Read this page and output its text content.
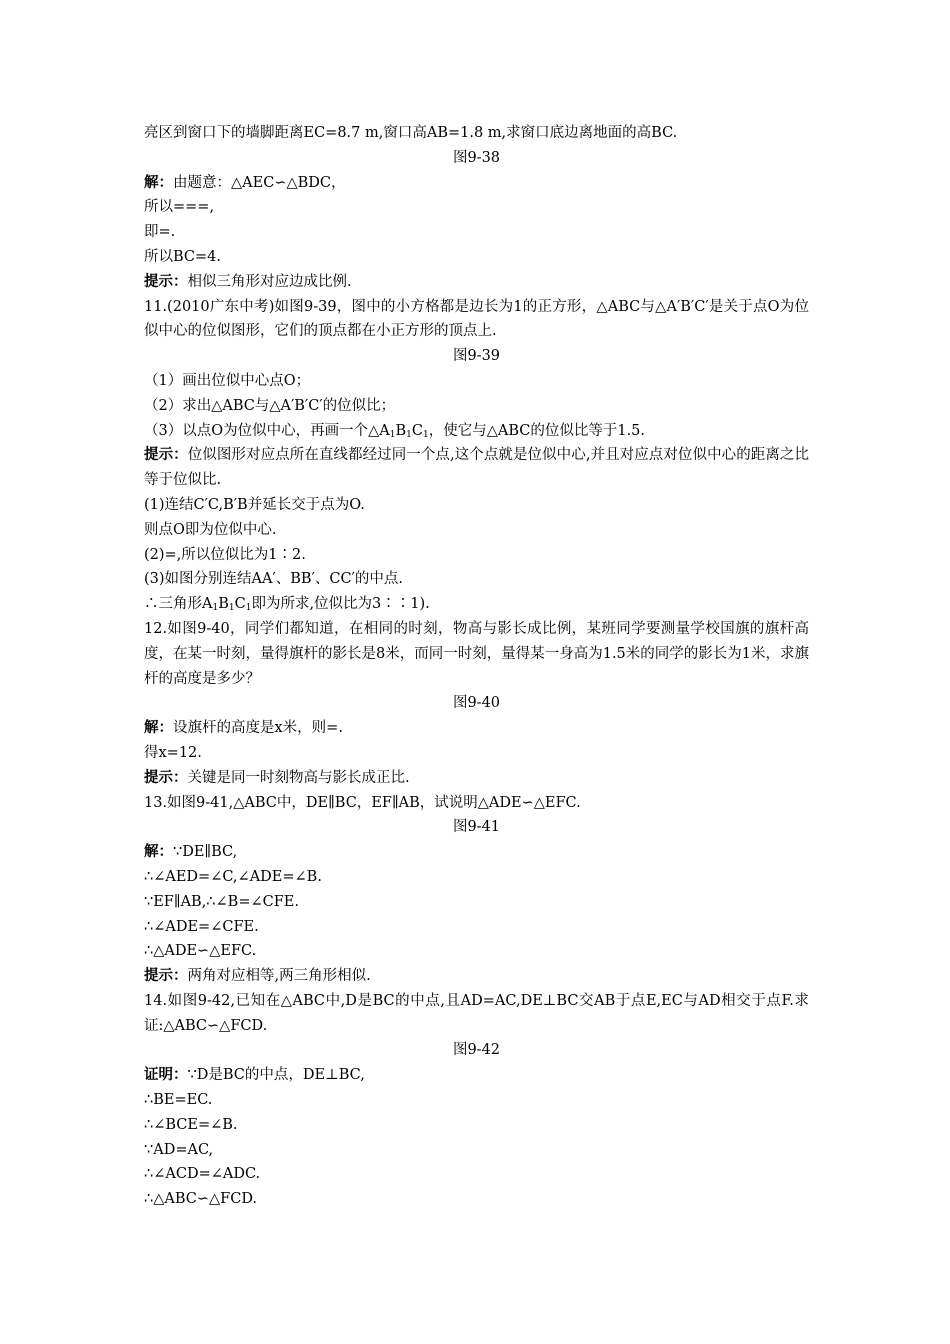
亮区到窗口下的墙脚距离EC=8.7 m,窗口高AB=1.8 m,求窗口底边离地面的高BC.
图9-38
解：由题意：△AEC∽△BDC，
所以===,
即=.
所以BC=4.
提示：相似三角形对应边成比例.
11.(2010广东中考)如图9-39，图中的小方格都是边长为1的正方形，△ABC与△A′B′C′是关于点O为位似中心的位似图形，它们的顶点都在小正方形的顶点上.
图9-39
（1）画出位似中心点O；
（2）求出△ABC与△A′B′C′的位似比；
（3）以点O为位似中心，再画一个$\triangle A_1B_1C_1$，使它与△ABC的位似比等于1.5.
提示：位似图形对应点所在直线都经过同一个点,这个点就是位似中心,并且对应点对位似中心的距离之比等于位似比.
(1)连结C′C,B′B并延长交于点为O.
则点O即为位似中心.
(2)=,所以位似比为1∶2.
(3)如图分别连结AA′、BB′、CC′的中点.
∴三角形$A_1B_1C_1$即为所求,位似比为3∶∶1).
12.如图9-40，同学们都知道，在相同的时刻，物高与影长成比例，某班同学要测量学校国旗的旗杆高度，在某一时刻，量得旗杆的影长是8米，而同一时刻，量得某一身高为1.5米的同学的影长为1米，求旗杆的高度是多少？
图9-40
解：设旗杆的高度是x米，则=.
得x=12.
提示：关键是同一时刻物高与影长成正比.
13.如图9-41,△ABC中，DE∥BC，EF∥AB，试说明△ADE∽△EFC.
图9-41
解：∵DE∥BC,
∴∠AED=∠C,∠ADE=∠B.
∵EF∥AB,∴∠B=∠CFE.
∴∠ADE=∠CFE.
∴△ADE∽△EFC.
提示：两角对应相等,两三角形相似.
14.如图9-42,已知在△ABC中,D是BC的中点,且AD=AC,DE⊥BC交AB于点E,EC与AD相交于点F.求证:△ABC∽△FCD.
图9-42
证明：∵D是BC的中点，DE⊥BC,
∴BE=EC.
∴∠BCE=∠B.
∵AD=AC,
∴∠ACD=∠ADC.
∴△ABC∽△FCD.
